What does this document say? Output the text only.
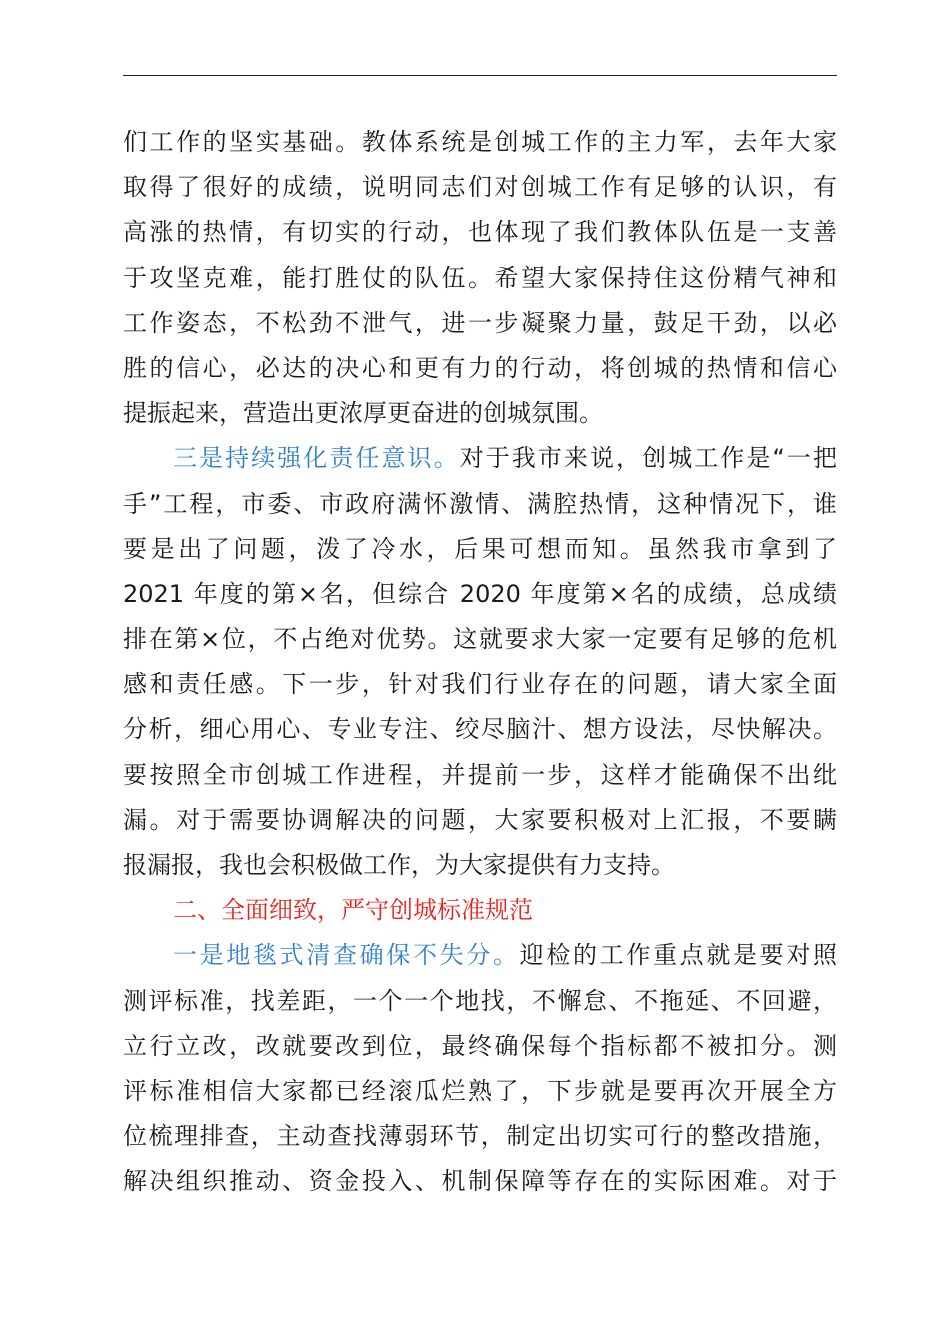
们工作的坚实基础。教体系统是创城工作的主力军，去年大家
取得了很好的成绩，说明同志们对创城工作有足够的认识，有
高涨的热情，有切实的行动，也体现了我们教体队伍是一支善
于攻坚克难，能打胜仗的队伍。希望大家保持住这份精气神和
工作姿态，不松劲不泄气，进一步凝聚力量，鼓足干劲，以必
胜的信心，必达的决心和更有力的行动，将创城的热情和信心
提振起来，营造出更浓厚更奋进的创城氛围。
三是持续强化责任意识。对于我市来说，创城工作是“一把
手”工程，市委、市政府满怀激情、满腔热情，这种情况下，谁
要是出了问题，泼了冷水，后果可想而知。虽然我市拿到了
2021 年度的第×名，但综合 2020 年度第×名的成绩，总成绩
排在第×位，不占绝对优势。这就要求大家一定要有足够的危机
感和责任感。下一步，针对我们行业存在的问题，请大家全面
分析，细心用心、专业专注、绞尽脑汁、想方设法，尽快解决。
要按照全市创城工作进程，并提前一步，这样才能确保不出纰
漏。对于需要协调解决的问题，大家要积极对上汇报，不要瞒
报漏报，我也会积极做工作，为大家提供有力支持。
二、全面细致，严守创城标准规范
一是地毯式清查确保不失分。迎检的工作重点就是要对照
测评标准，找差距，一个一个地找，不懈怠、不拖延、不回避，
立行立改，改就要改到位，最终确保每个指标都不被扣分。测
评标准相信大家都已经滚瓜烂熟了，下步就是要再次开展全方
位梳理排查，主动查找薄弱环节，制定出切实可行的整改措施，
解决组织推动、资金投入、机制保障等存在的实际困难。对于
